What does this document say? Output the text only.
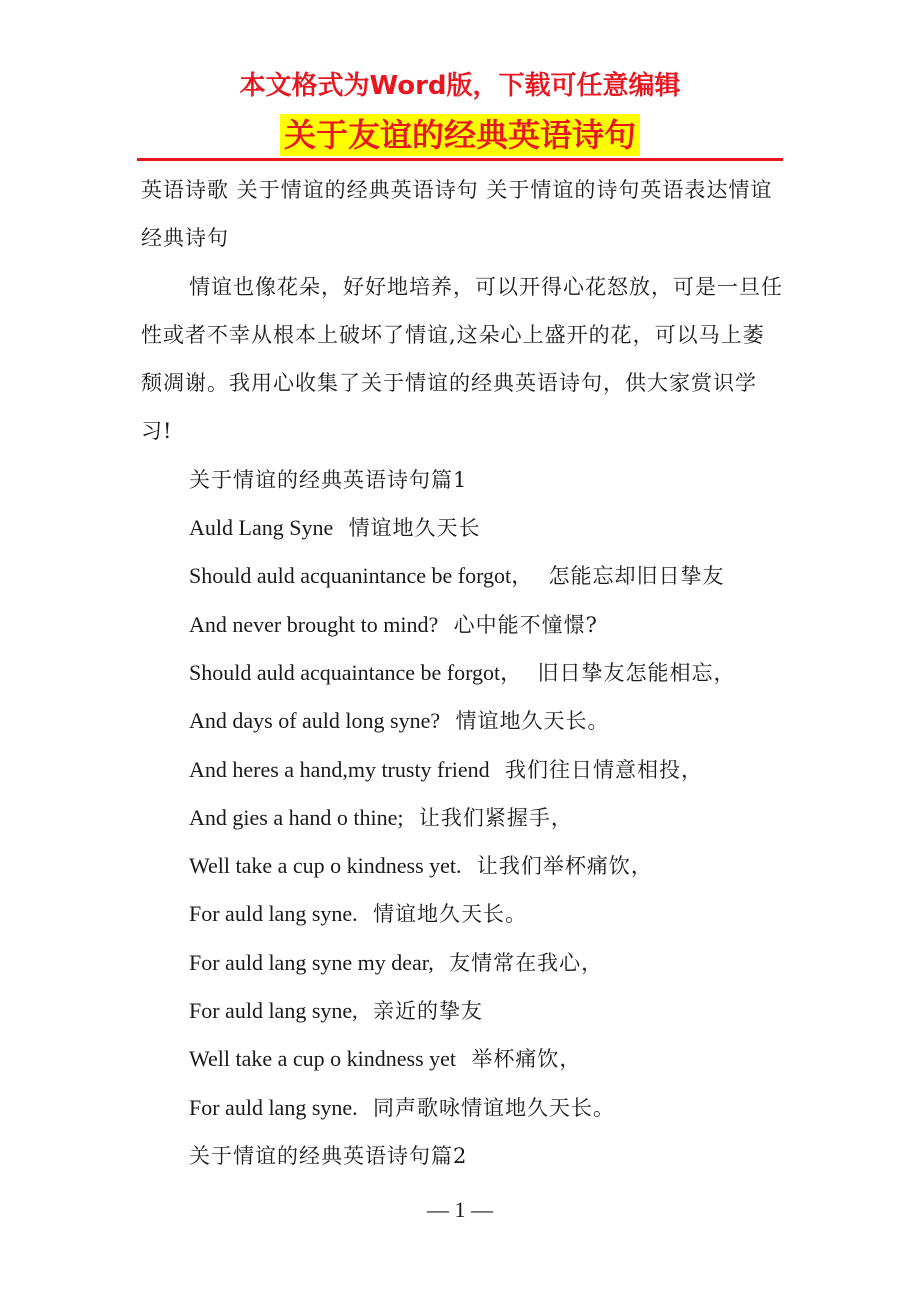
本文格式为Word版，下载可任意编辑
关于友谊的经典英语诗句

英语诗歌 关于情谊的经典英语诗句 关于情谊的诗句英语表达情谊经典诗句

情谊也像花朵，好好地培养，可以开得心花怒放，可是一旦任性或者不幸从根本上破坏了情谊,这朵心上盛开的花，可以马上萎颓凋谢。我用心收集了关于情谊的经典英语诗句，供大家赏识学习!

关于情谊的经典英语诗句篇1

Auld Lang Syne 情谊地久天长

Should auld acquanintance be forgot， 怎能忘却旧日挚友

And never brought to mind? 心中能不憧憬?

Should auld acquaintance be forgot， 旧日挚友怎能相忘，

And days of auld long syne? 情谊地久天长。

And heres a hand,my trusty friend 我们往日情意相投，

And gies a hand o thine; 让我们紧握手，

Well take a cup o kindness yet. 让我们举杯痛饮，

For auld lang syne. 情谊地久天长。

For auld lang syne my dear, 友情常在我心，

For auld lang syne, 亲近的挚友

Well take a cup o kindness yet 举杯痛饮，

For auld lang syne. 同声歌咏情谊地久天长。

关于情谊的经典英语诗句篇2

— 1 —
